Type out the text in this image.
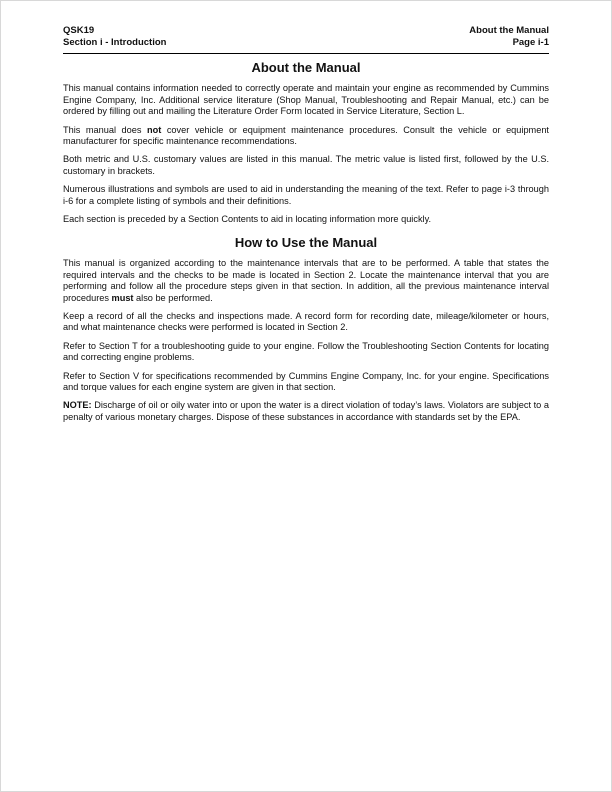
QSK19
Section i - Introduction
About the Manual
Page i-1
About the Manual

This manual contains information needed to correctly operate and maintain your engine as recommended by Cummins Engine Company, Inc. Additional service literature (Shop Manual, Troubleshooting and Repair Manual, etc.) can be ordered by filling out and mailing the Literature Order Form located in Service Literature, Section L.

This manual does not cover vehicle or equipment maintenance procedures. Consult the vehicle or equipment manufacturer for specific maintenance recommendations.

Both metric and U.S. customary values are listed in this manual. The metric value is listed first, followed by the U.S. customary in brackets.

Numerous illustrations and symbols are used to aid in understanding the meaning of the text. Refer to page i-3 through i-6 for a complete listing of symbols and their definitions.

Each section is preceded by a Section Contents to aid in locating information more quickly.

How to Use the Manual

This manual is organized according to the maintenance intervals that are to be performed. A table that states the required intervals and the checks to be made is located in Section 2. Locate the maintenance interval that you are performing and follow all the procedure steps given in that section. In addition, all the previous maintenance interval procedures must also be performed.

Keep a record of all the checks and inspections made. A record form for recording date, mileage/kilometer or hours, and what maintenance checks were performed is located in Section 2.

Refer to Section T for a troubleshooting guide to your engine. Follow the Troubleshooting Section Contents for locating and correcting engine problems.

Refer to Section V for specifications recommended by Cummins Engine Company, Inc. for your engine. Specifications and torque values for each engine system are given in that section.

NOTE: Discharge of oil or oily water into or upon the water is a direct violation of today’s laws. Violators are subject to a penalty of various monetary charges. Dispose of these substances in accordance with standards set by the EPA.
